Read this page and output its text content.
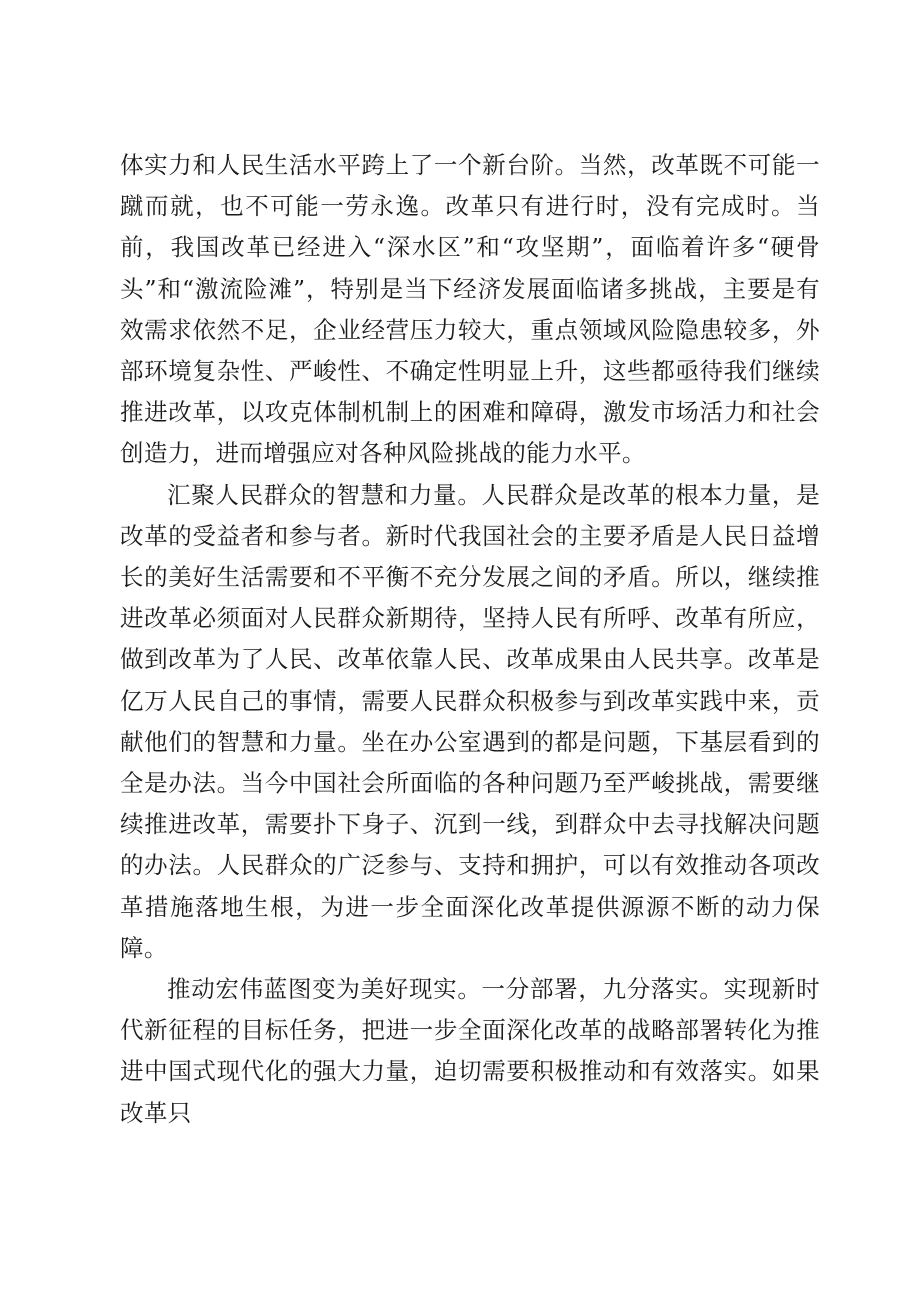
体实力和人民生活水平跨上了一个新台阶。当然，改革既不可能一蹴而就，也不可能一劳永逸。改革只有进行时，没有完成时。当前，我国改革已经进入“深水区”和“攻坚期”，面临着许多“硬骨头”和“激流险滩”，特别是当下经济发展面临诸多挑战，主要是有效需求依然不足，企业经营压力较大，重点领域风险隐患较多，外部环境复杂性、严峻性、不确定性明显上升，这些都亟待我们继续推进改革，以攻克体制机制上的困难和障碍，激发市场活力和社会创造力，进而增强应对各种风险挑战的能力水平。

汇聚人民群众的智慧和力量。人民群众是改革的根本力量，是改革的受益者和参与者。新时代我国社会的主要矛盾是人民日益增长的美好生活需要和不平衡不充分发展之间的矛盾。所以，继续推进改革必须面对人民群众新期待，坚持人民有所呼、改革有所应，做到改革为了人民、改革依靠人民、改革成果由人民共享。改革是亿万人民自己的事情，需要人民群众积极参与到改革实践中来，贡献他们的智慧和力量。坐在办公室遇到的都是问题，下基层看到的全是办法。当今中国社会所面临的各种问题乃至严峻挑战，需要继续推进改革，需要扑下身子、沉到一线，到群众中去寻找解决问题的办法。人民群众的广泛参与、支持和拥护，可以有效推动各项改革措施落地生根，为进一步全面深化改革提供源源不断的动力保障。

推动宏伟蓝图变为美好现实。一分部署，九分落实。实现新时代新征程的目标任务，把进一步全面深化改革的战略部署转化为推进中国式现代化的强大力量，迫切需要积极推动和有效落实。如果改革只
